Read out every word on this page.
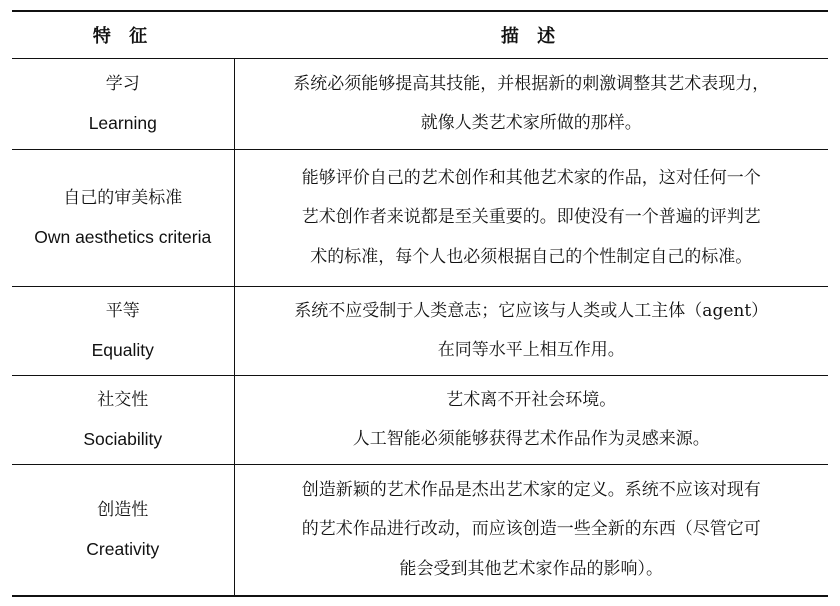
特 征	描 述

学习
Learning	系统必须能够提高其技能，并根据新的刺激调整其艺术表现力，
就像人类艺术家所做的那样。

自己的审美标准
Own aesthetics criteria	能够评价自己的艺术创作和其他艺术家的作品，这对任何一个
艺术创作者来说都是至关重要的。即使没有一个普遍的评判艺
术的标准，每个人也必须根据自己的个性制定自己的标准。

平等
Equality	系统不应受制于人类意志；它应该与人类或人工主体（agent）
在同等水平上相互作用。

社交性
Sociability	艺术离不开社会环境。
人工智能必须能够获得艺术作品作为灵感来源。

创造性
Creativity	创造新颖的艺术作品是杰出艺术家的定义。系统不应该对现有
的艺术作品进行改动，而应该创造一些全新的东西（尽管它可
能会受到其他艺术家作品的影响）。
